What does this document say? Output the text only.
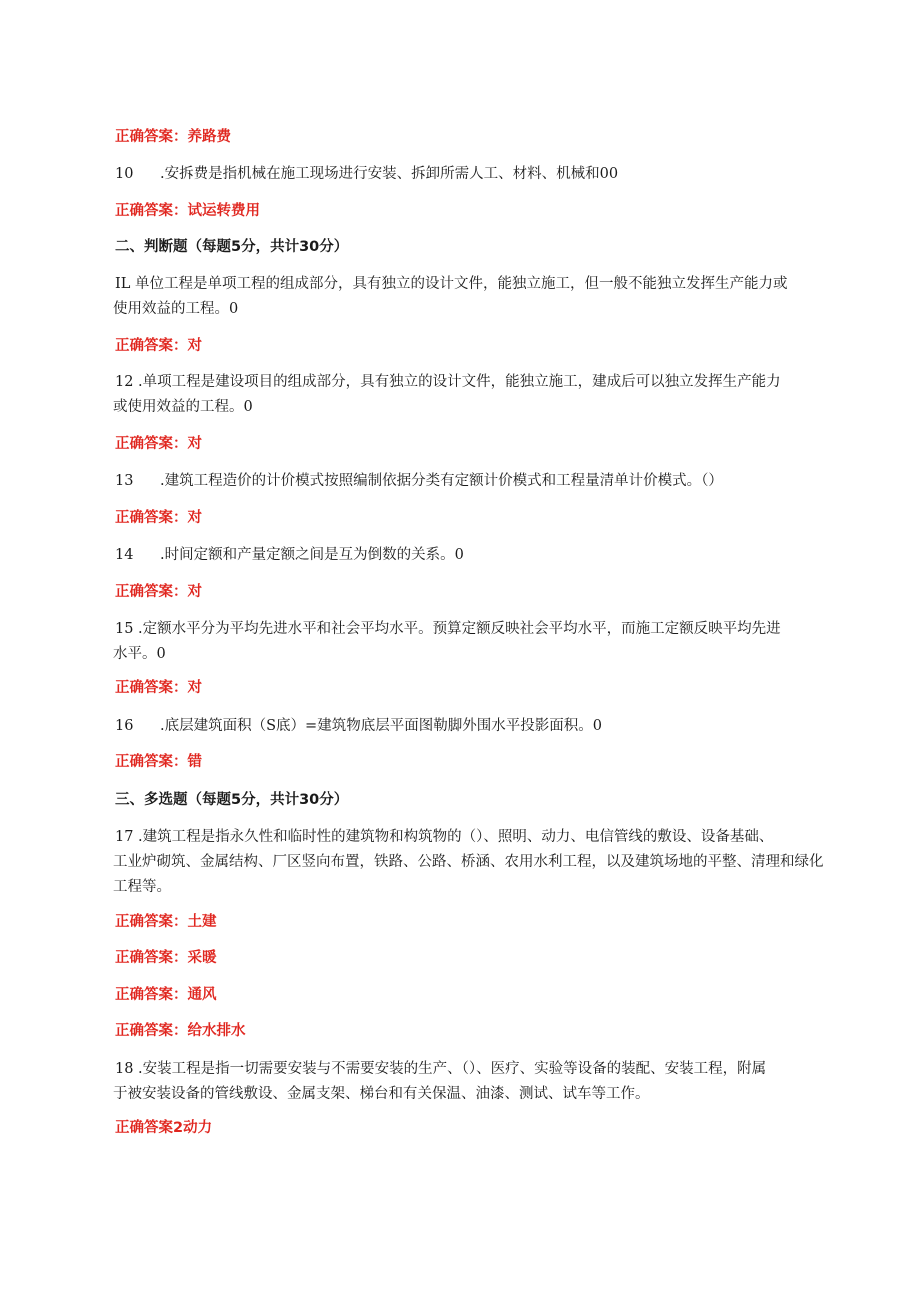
正确答案：养路费
10 .安拆费是指机械在施工现场进行安装、拆卸所需人工、材料、机械和00
正确答案：试运转费用
二、判断题（每题5分，共计30分）
IL 单位工程是单项工程的组成部分，具有独立的设计文件，能独立施工，但一般不能独立发挥生产能力或
使用效益的工程。0
正确答案：对
12 .单项工程是建设项目的组成部分，具有独立的设计文件，能独立施工，建成后可以独立发挥生产能力
或使用效益的工程。0
正确答案：对
13 .建筑工程造价的计价模式按照编制依据分类有定额计价模式和工程量清单计价模式。（）
正确答案：对
14 .时间定额和产量定额之间是互为倒数的关系。0
正确答案：对
15 .定额水平分为平均先进水平和社会平均水平。预算定额反映社会平均水平，而施工定额反映平均先进
水平。0
正确答案：对
16 .底层建筑面积（S底）=建筑物底层平面图勒脚外围水平投影面积。0
正确答案：错
三、多选题（每题5分，共计30分）
17 .建筑工程是指永久性和临时性的建筑物和构筑物的（）、照明、动力、电信管线的敷设、设备基础、
工业炉砌筑、金属结构、厂区竖向布置，铁路、公路、桥涵、农用水利工程，以及建筑场地的平整、清理和绿化
工程等。
正确答案：土建
正确答案：采暖
正确答案：通风
正确答案：给水排水
18 .安装工程是指一切需要安装与不需要安装的生产、（）、医疗、实验等设备的装配、安装工程，附属
于被安装设备的管线敷设、金属支架、梯台和有关保温、油漆、测试、试车等工作。
正确答案2动力
